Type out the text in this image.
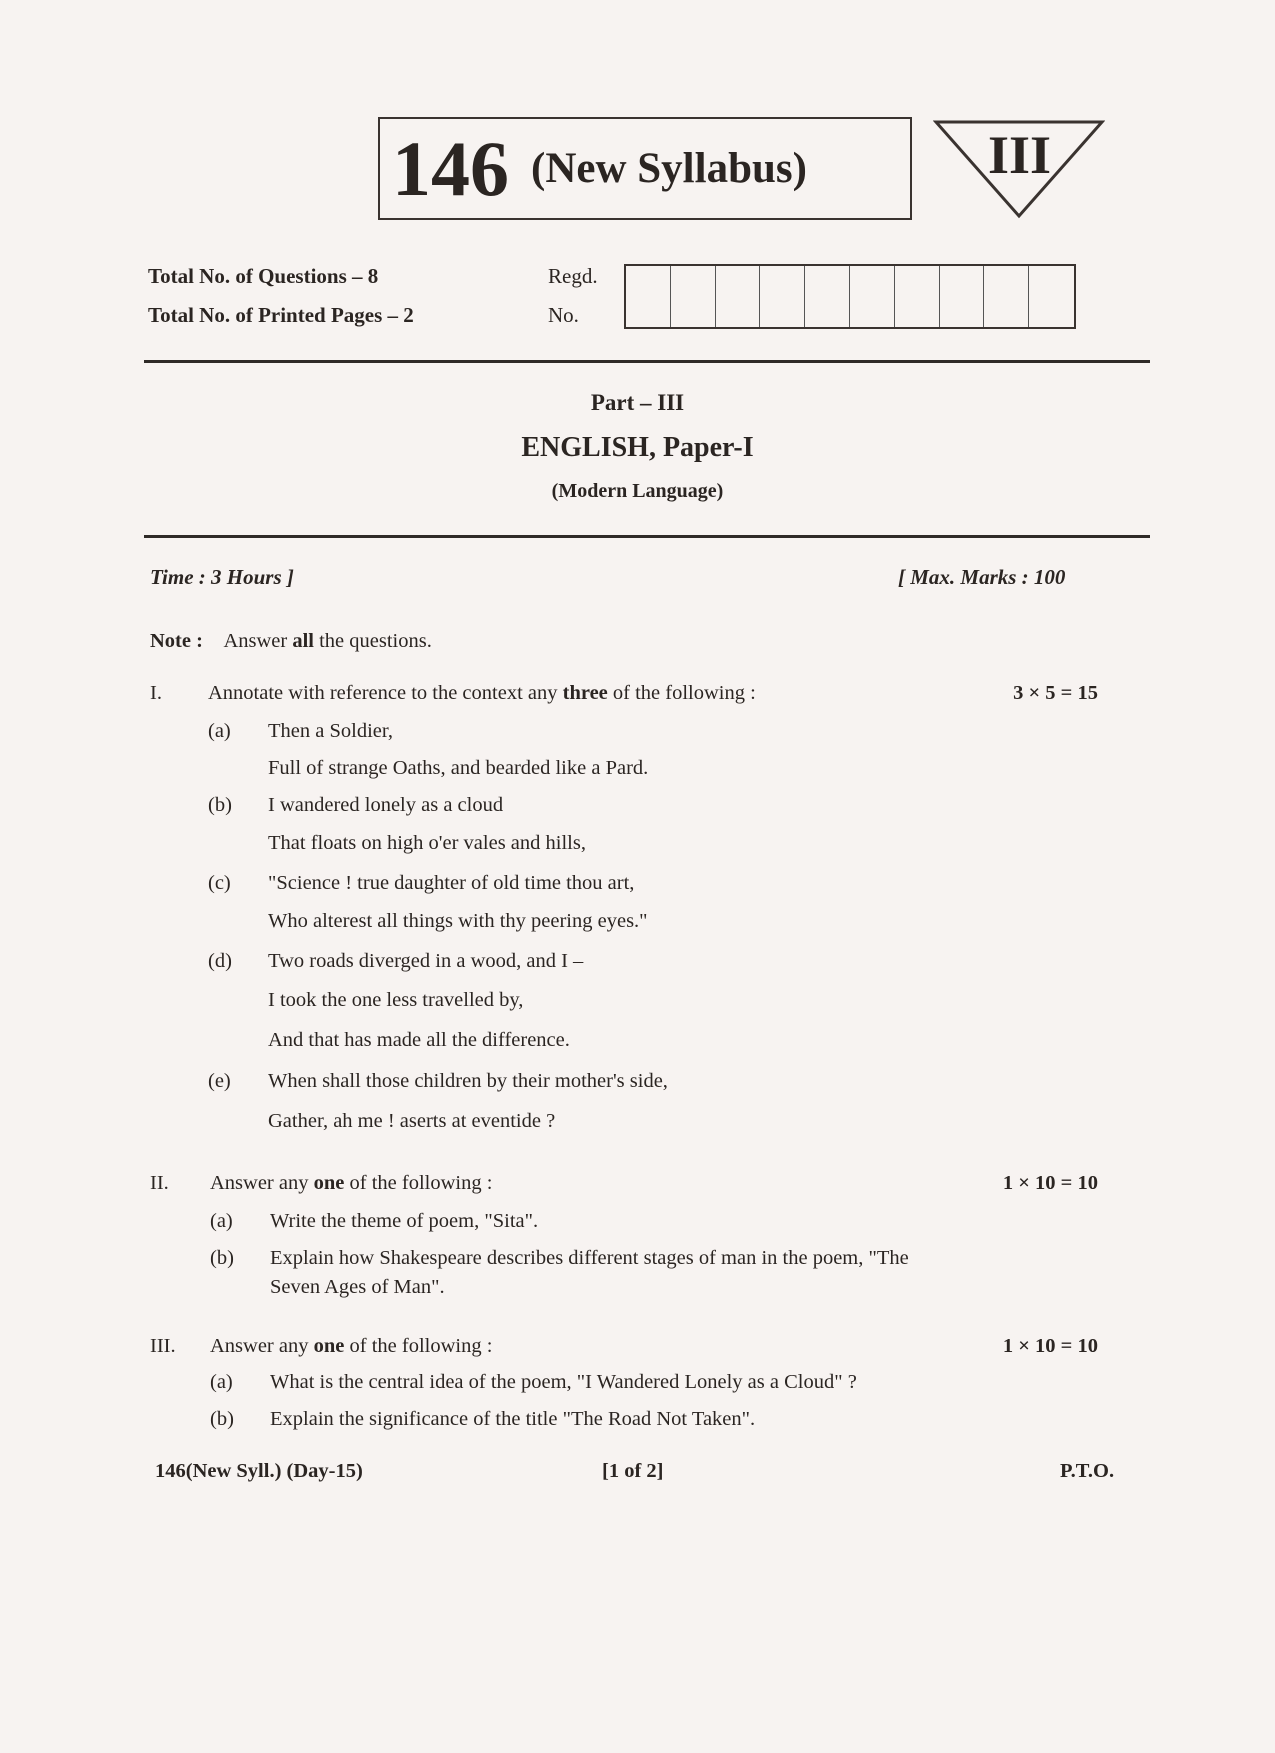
146 (New Syllabus)	III
Total No. of Questions – 8
Total No. of Printed Pages – 2
Regd.
No.
Part – III
ENGLISH, Paper-I
(Modern Language)
Time : 3 Hours ]	[ Max. Marks : 100
Note : Answer all the questions.
I. Annotate with reference to the context any three of the following :	3 × 5 = 15
(a) Then a Soldier,
Full of strange Oaths, and bearded like a Pard.
(b) I wandered lonely as a cloud
That floats on high o'er vales and hills,
(c) "Science ! true daughter of old time thou art,
Who alterest all things with thy peering eyes."
(d) Two roads diverged in a wood, and I –
I took the one less travelled by,
And that has made all the difference.
(e) When shall those children by their mother's side,
Gather, ah me ! aserts at eventide ?
II. Answer any one of the following :	1 × 10 = 10
(a) Write the theme of poem, "Sita".
(b) Explain how Shakespeare describes different stages of man in the poem, "The
Seven Ages of Man".
III. Answer any one of the following :	1 × 10 = 10
(a) What is the central idea of the poem, "I Wandered Lonely as a Cloud" ?
(b) Explain the significance of the title "The Road Not Taken".
146(New Syll.) (Day-15)	[1 of 2]	P.T.O.
